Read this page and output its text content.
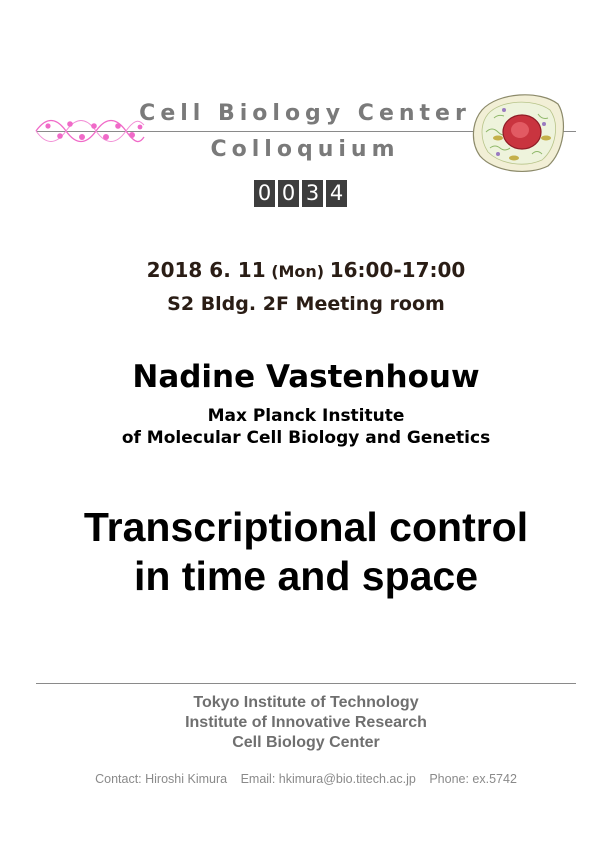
Cell Biology Center
Colloquium
0 0 3 4
2018 6. 11 (Mon) 16:00-17:00
S2 Bldg. 2F Meeting room
Nadine Vastenhouw
Max Planck Institute
of Molecular Cell Biology and Genetics
Transcriptional control
in time and space
Tokyo Institute of Technology
Institute of Innovative Research
Cell Biology Center
Contact: Hiroshi Kimura Email: hkimura@bio.titech.ac.jp Phone: ex.5742
